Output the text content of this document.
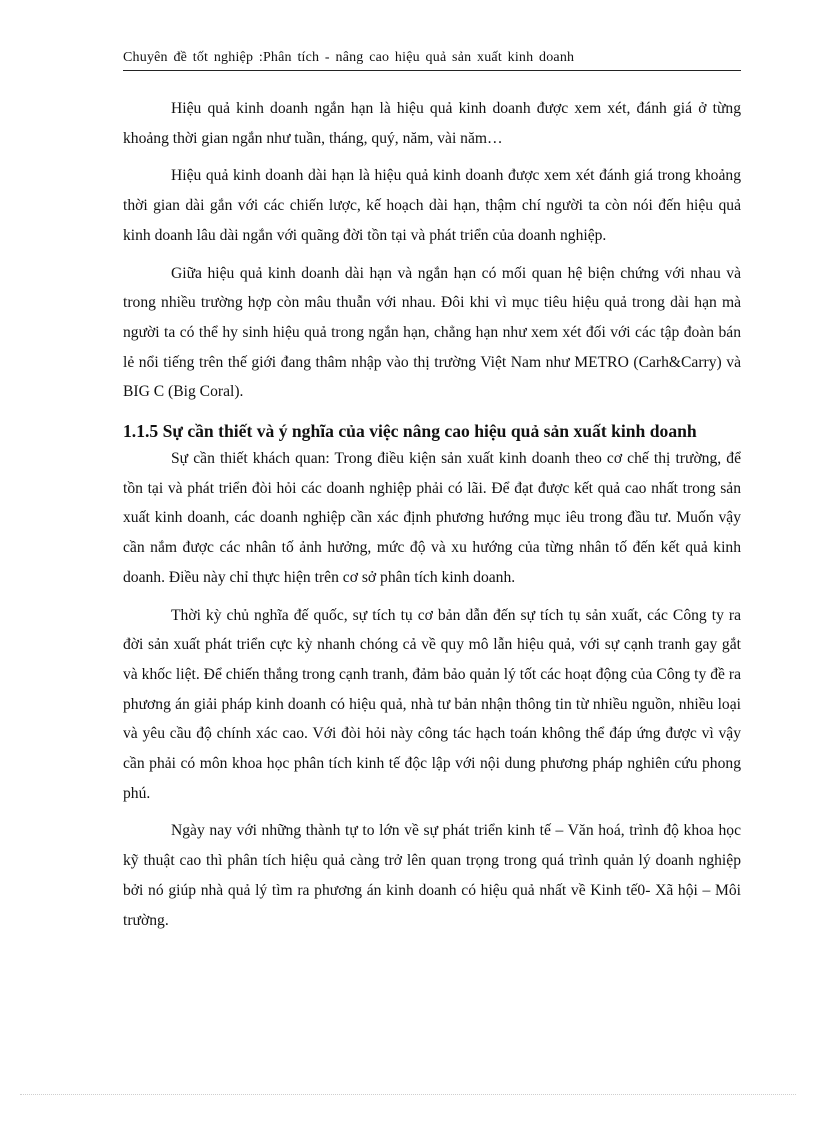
Chuyên đề tốt nghiệp :Phân tích - nâng cao hiệu quả sản xuất kinh doanh

Hiệu quả kinh doanh ngắn hạn là hiệu quả kinh doanh được xem xét, đánh giá ở từng khoảng thời gian ngắn như tuần, tháng, quý, năm, vài năm…

Hiệu quả kinh doanh dài hạn là hiệu quả kinh doanh được xem xét đánh giá trong khoảng thời gian dài gắn với các chiến lược, kế hoạch dài hạn, thậm chí người ta còn nói đến hiệu quả kinh doanh lâu dài ngắn với quãng đời tồn tại và phát triển của doanh nghiệp.

Giữa hiệu quả kinh doanh dài hạn và ngắn hạn có mối quan hệ biện chứng với nhau và trong nhiều trường hợp còn mâu thuẫn với nhau. Đôi khi vì mục tiêu hiệu quả trong dài hạn mà người ta có thể hy sinh hiệu quả trong ngắn hạn, chẳng hạn như xem xét đối với các tập đoàn bán lẻ nổi tiếng trên thế giới đang thâm nhập vào thị trường Việt Nam như METRO (Carh&Carry) và BIG C (Big Coral).

1.1.5 Sự cần thiết và ý nghĩa của việc nâng cao hiệu quả sản xuất kinh doanh

Sự cần thiết khách quan: Trong điều kiện sản xuất kinh doanh theo cơ chế thị trường, để tồn tại và phát triển đòi hỏi các doanh nghiệp phải có lãi. Để đạt được kết quả cao nhất trong sản xuất kinh doanh, các doanh nghiệp cần xác định phương hướng mục iêu trong đầu tư. Muốn vậy cần nắm được các nhân tố ảnh hưởng, mức độ và xu hướng của từng nhân tố đến kết quả kinh doanh. Điều này chỉ thực hiện trên cơ sở phân tích kinh doanh.

Thời kỳ chủ nghĩa đế quốc, sự tích tụ cơ bản dẫn đến sự tích tụ sản xuất, các Công ty ra đời sản xuất phát triển cực kỳ nhanh chóng cả về quy mô lẫn hiệu quả, với sự cạnh tranh gay gắt và khốc liệt. Để chiến thắng trong cạnh tranh, đảm bảo quản lý tốt các hoạt động của Công ty đề ra phương án giải pháp kinh doanh có hiệu quả, nhà tư bản nhận thông tin từ nhiều nguồn, nhiều loại và yêu cầu độ chính xác cao. Với đòi hỏi này công tác hạch toán không thể đáp ứng được vì vậy cần phải có môn khoa học phân tích kinh tế độc lập với nội dung phương pháp nghiên cứu phong phú.

Ngày nay với những thành tự to lớn về sự phát triển kinh tế – Văn hoá, trình độ khoa học kỹ thuật cao thì phân tích hiệu quả càng trở lên quan trọng trong quá trình quản lý doanh nghiệp bởi nó giúp nhà quả lý tìm ra phương án kinh doanh có hiệu quả nhất về Kinh tế0- Xã hội – Môi trường.
